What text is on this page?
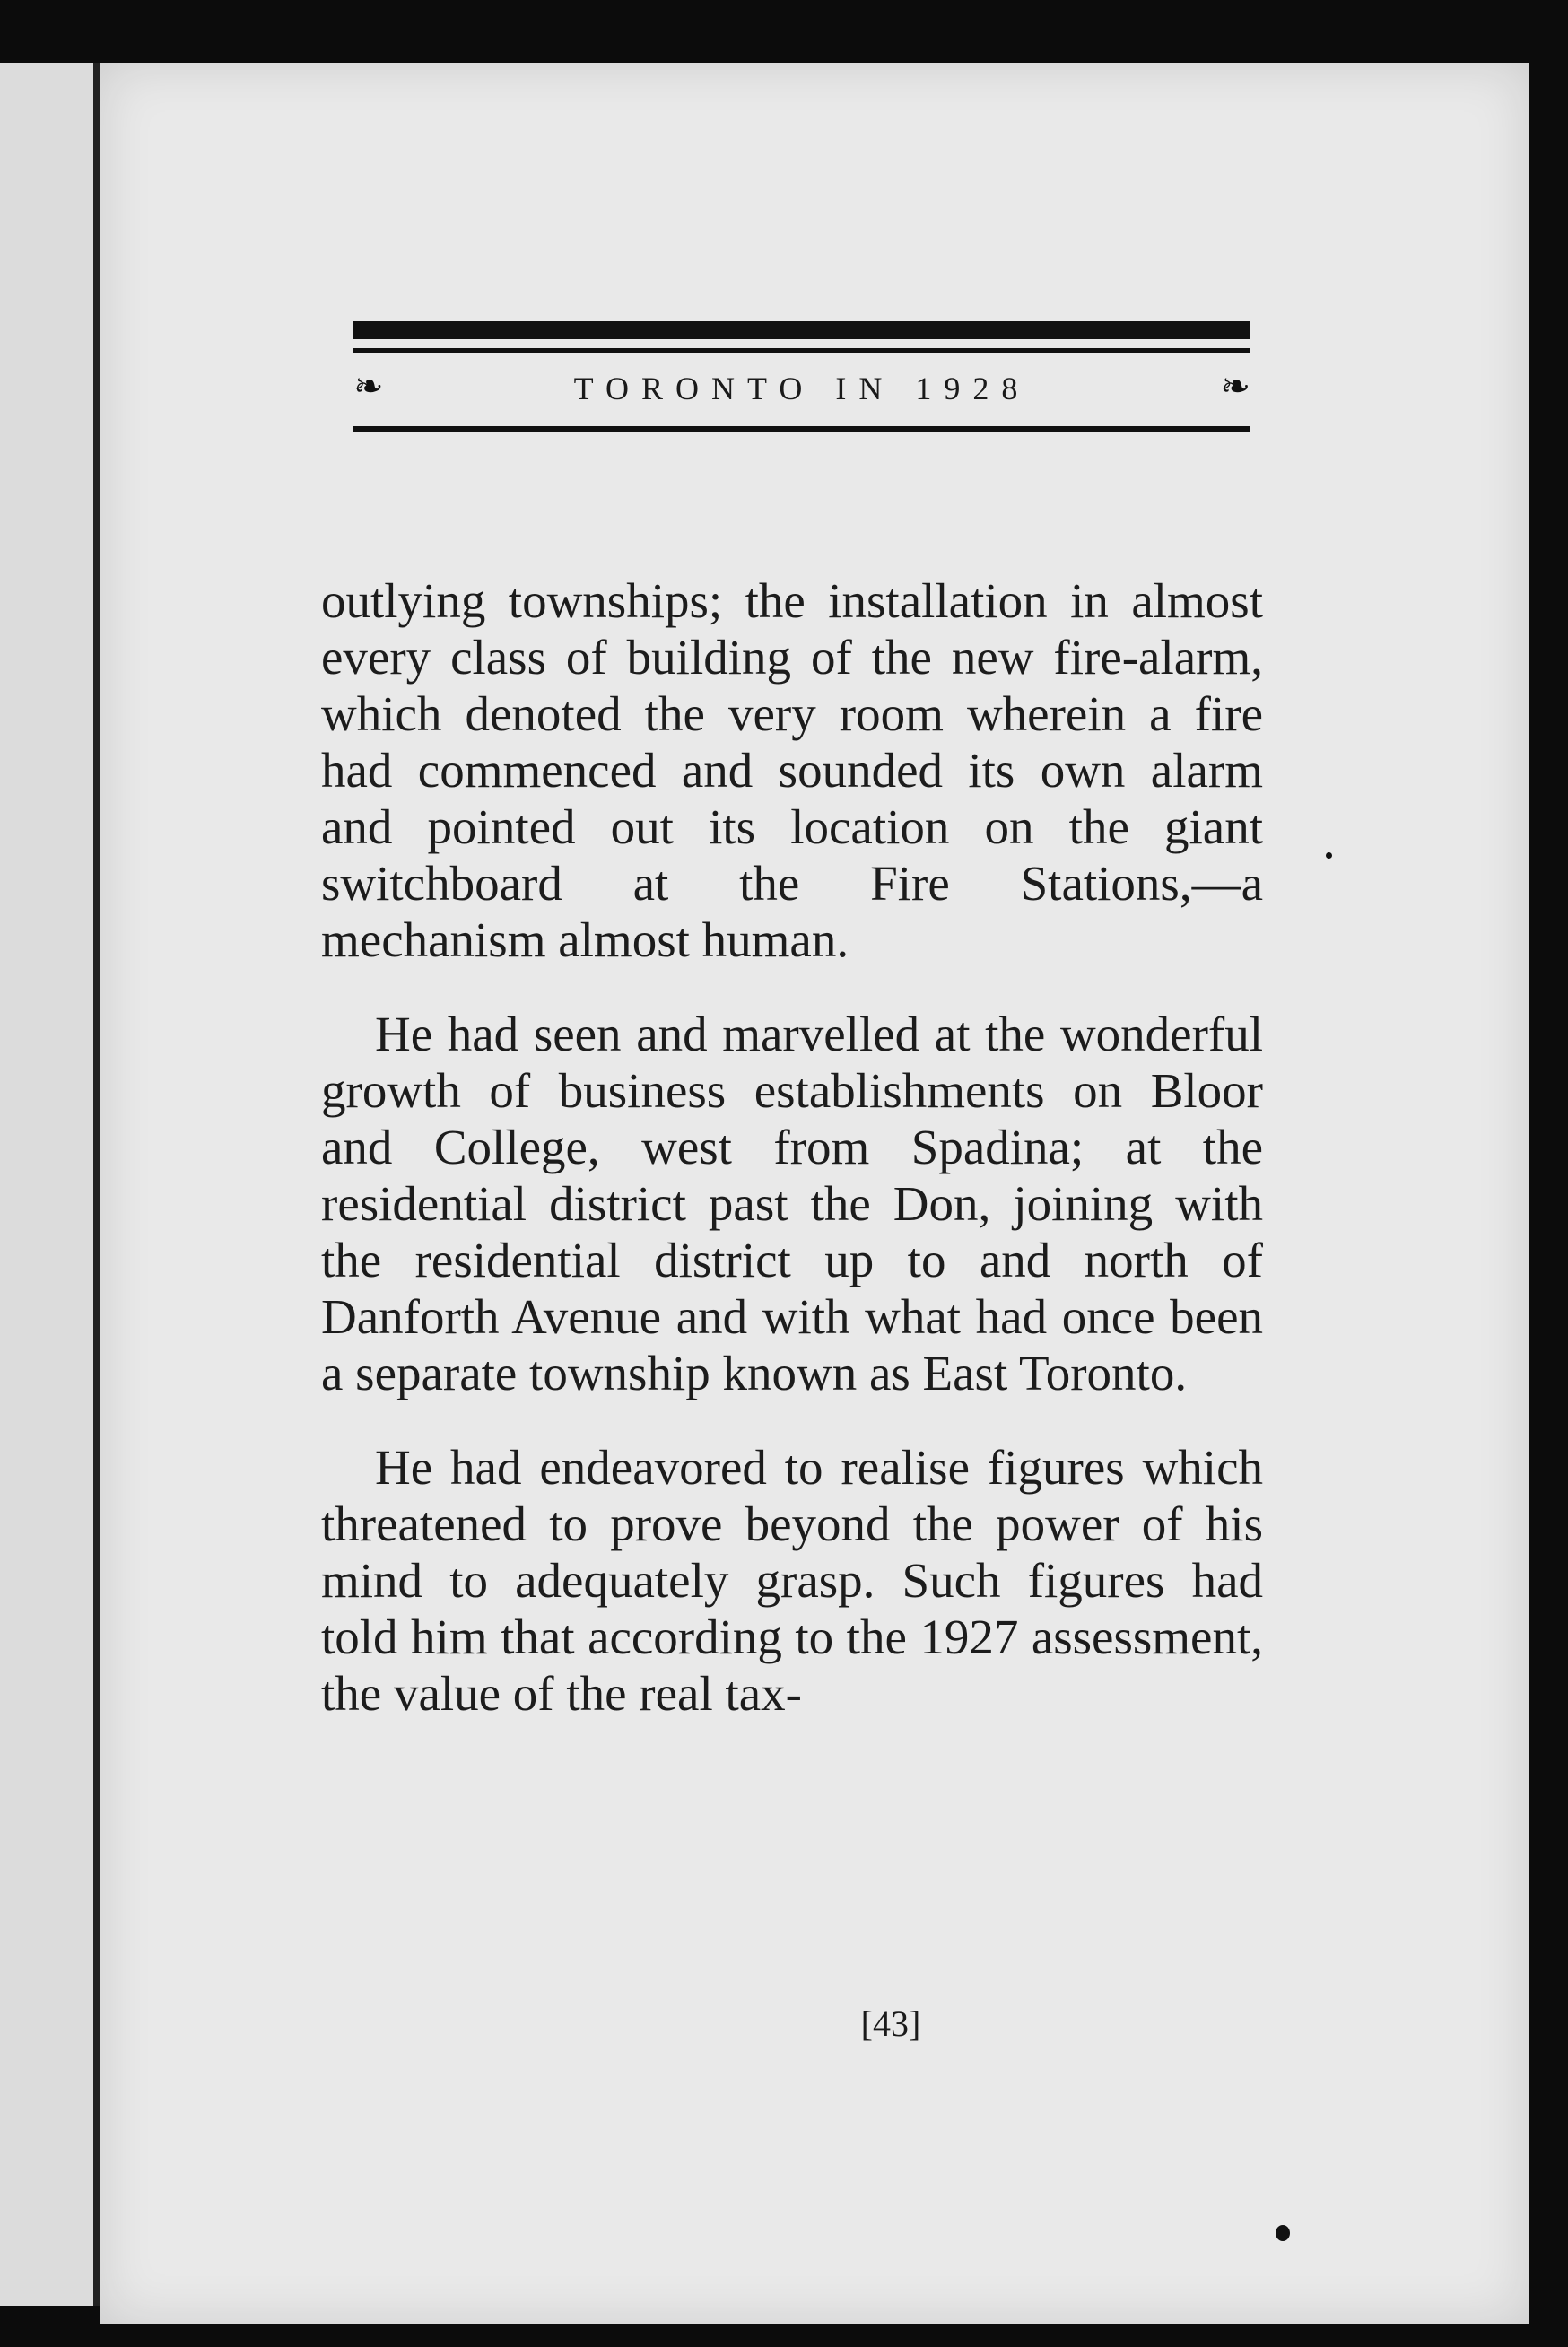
❧	TORONTO IN 1928	❧

outlying townships; the installation in almost every class of building of the new fire-alarm, which denoted the very room wherein a fire had commenced and sounded its own alarm and pointed out its location on the giant switchboard at the Fire Stations,—a mechanism almost human.

He had seen and marvelled at the wonderful growth of business establishments on Bloor and College, west from Spadina; at the residential district past the Don, joining with the residential district up to and north of Danforth Avenue and with what had once been a separate township known as East Toronto.

He had endeavored to realise figures which threatened to prove beyond the power of his mind to adequately grasp. Such figures had told him that according to the 1927 assessment, the value of the real tax-

[43]
